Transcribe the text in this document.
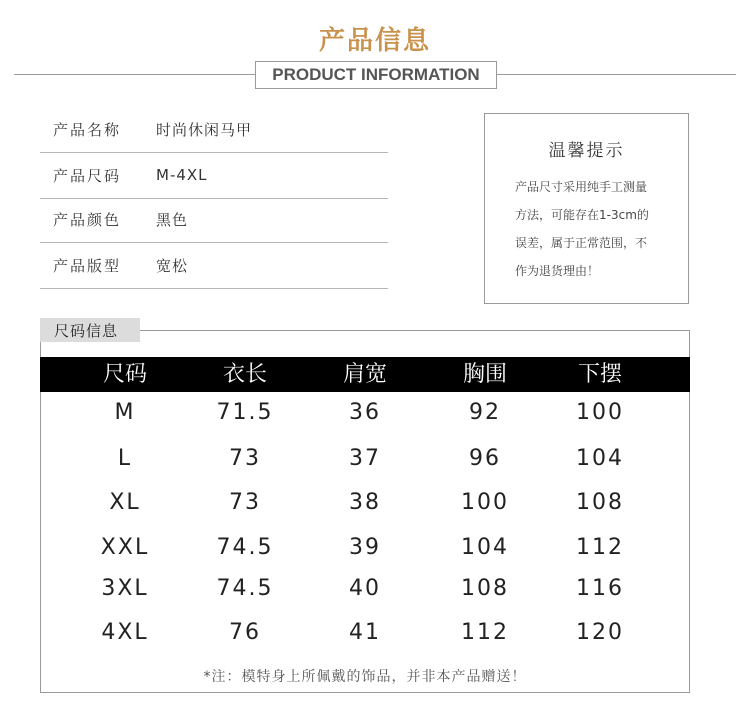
产品信息
PRODUCT INFORMATION
产品名称 时尚休闲马甲
产品尺码 M-4XL
产品颜色 黑色
产品版型 宽松
温馨提示
产品尺寸采用纯手工测量
方法，可能存在1-3cm的
误差，属于正常范围，不
作为退货理由！
尺码信息
尺码	衣长	肩宽	胸围	下摆
M	71.5	36	92	100
L	73	37	96	104
XL	73	38	100	108
XXL	74.5	39	104	112
3XL	74.5	40	108	116
4XL	76	41	112	120
*注：模特身上所佩戴的饰品，并非本产品赠送！
